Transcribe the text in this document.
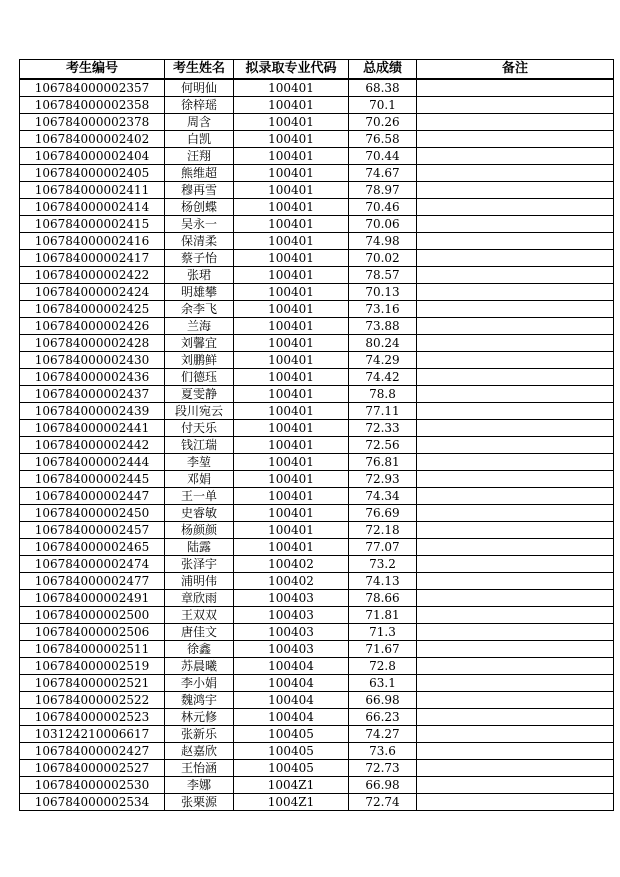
考生编号	考生姓名	拟录取专业代码	总成绩	备注
106784000002357	何明仙	100401	68.38	
106784000002358	徐梓瑶	100401	70.1	
106784000002378	周含	100401	70.26	
106784000002402	白凯	100401	76.58	
106784000002404	汪翔	100401	70.44	
106784000002405	熊维超	100401	74.67	
106784000002411	穆再雪	100401	78.97	
106784000002414	杨创蝶	100401	70.46	
106784000002415	吴永一	100401	70.06	
106784000002416	保清柔	100401	74.98	
106784000002417	蔡子怡	100401	70.02	
106784000002422	张珺	100401	78.57	
106784000002424	明雄攀	100401	70.13	
106784000002425	余李飞	100401	73.16	
106784000002426	兰海	100401	73.88	
106784000002428	刘馨宜	100401	80.24	
106784000002430	刘鹏鲜	100401	74.29	
106784000002436	们德珏	100401	74.42	
106784000002437	夏雯静	100401	78.8	
106784000002439	段川宛云	100401	77.11	
106784000002441	付天乐	100401	72.33	
106784000002442	钱江瑞	100401	72.56	
106784000002444	李堃	100401	76.81	
106784000002445	邓娟	100401	72.93	
106784000002447	王一单	100401	74.34	
106784000002450	史睿敏	100401	76.69	
106784000002457	杨颜颜	100401	72.18	
106784000002465	陆露	100401	77.07	
106784000002474	张泽宇	100402	73.2	
106784000002477	浦明伟	100402	74.13	
106784000002491	章欣雨	100403	78.66	
106784000002500	王双双	100403	71.81	
106784000002506	唐佳文	100403	71.3	
106784000002511	徐鑫	100403	71.67	
106784000002519	苏晨曦	100404	72.8	
106784000002521	李小娟	100404	63.1	
106784000002522	魏鸿宇	100404	66.98	
106784000002523	林元修	100404	66.23	
103124210006617	张新乐	100405	74.27	
106784000002427	赵嘉欣	100405	73.6	
106784000002527	王怡涵	100405	72.73	
106784000002530	李娜	1004Z1	66.98	
106784000002534	张栗源	1004Z1	72.74	
